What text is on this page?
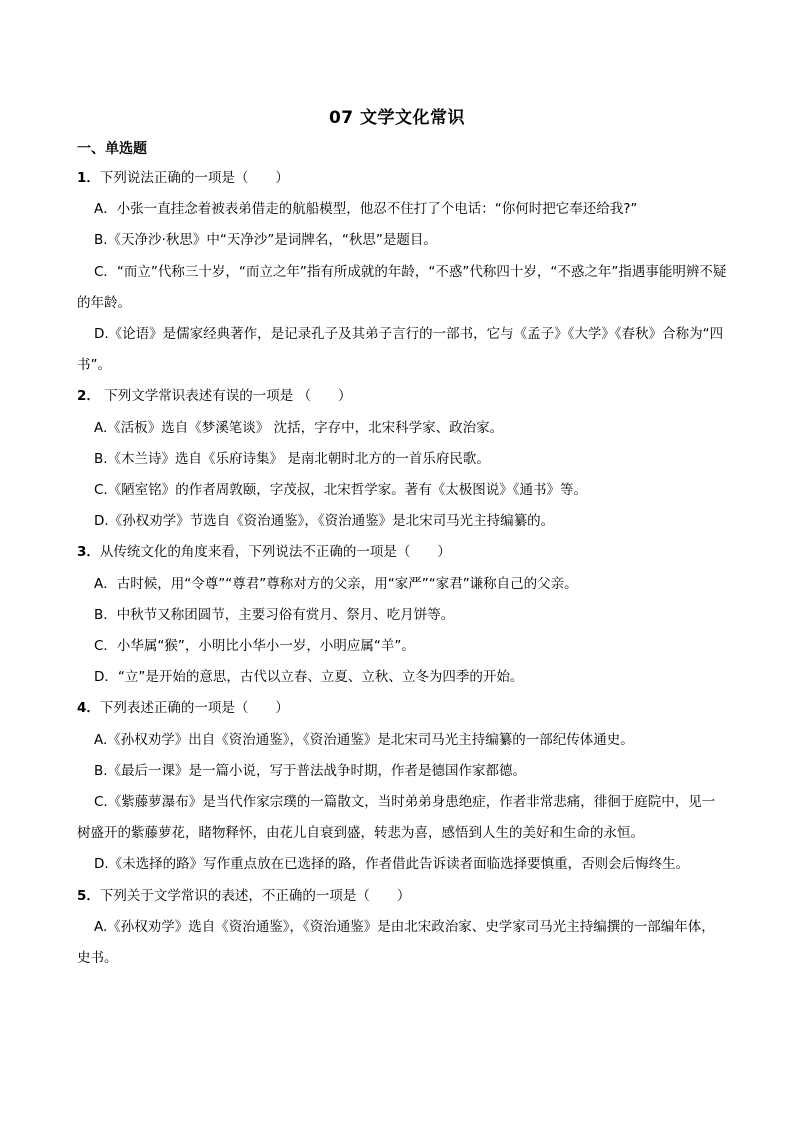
07 文学文化常识
一、单选题

1．下列说法正确的一项是（　　）

A．小张一直挂念着被表弟借走的航船模型，他忍不住打了个电话：“你何时把它奉还给我?”

B.《天净沙·秋思》中“天净沙”是词牌名，“秋思”是题目。

C．“而立”代称三十岁，“而立之年”指有所成就的年龄，“不惑”代称四十岁，“不惑之年”指遇事能明辨不疑的年龄。

D.《论语》是儒家经典著作，是记录孔子及其弟子言行的一部书，它与《孟子》《大学》《春秋》合称为“四书”。

2． 下列文学常识表述有误的一项是 （　　）

A.《活板》选自《梦溪笔谈》 沈括，字存中，北宋科学家、政治家。

B.《木兰诗》选自《乐府诗集》 是南北朝时北方的一首乐府民歌。

C.《陋室铭》的作者周敦颐，字茂叔，北宋哲学家。著有《太极图说》《通书》等。

D.《孙权劝学》节选自《资治通鉴》，《资治通鉴》是北宋司马光主持编纂的。

3．从传统文化的角度来看，下列说法不正确的一项是（　　）

A．古时候，用“令尊”“尊君”尊称对方的父亲，用“家严”“家君”谦称自己的父亲。

B．中秋节又称团圆节，主要习俗有赏月、祭月、吃月饼等。

C．小华属“猴”，小明比小华小一岁，小明应属“羊”。

D．“立”是开始的意思，古代以立春、立夏、立秋、立冬为四季的开始。

4．下列表述正确的一项是（　　）

A.《孙权劝学》出自《资治通鉴》，《资治通鉴》是北宋司马光主持编纂的一部纪传体通史。

B.《最后一课》是一篇小说，写于普法战争时期，作者是德国作家都德。

C.《紫藤萝瀑布》是当代作家宗璞的一篇散文，当时弟弟身患绝症，作者非常悲痛，徘徊于庭院中，见一树盛开的紫藤萝花，睹物释怀，由花儿自衰到盛，转悲为喜，感悟到人生的美好和生命的永恒。

D.《未选择的路》写作重点放在已选择的路，作者借此告诉读者面临选择要慎重，否则会后悔终生。

5．下列关于文学常识的表述，不正确的一项是（　　）

A.《孙权劝学》选自《资治通鉴》，《资治通鉴》是由北宋政治家、史学家司马光主持编撰的一部编年体，史书。
